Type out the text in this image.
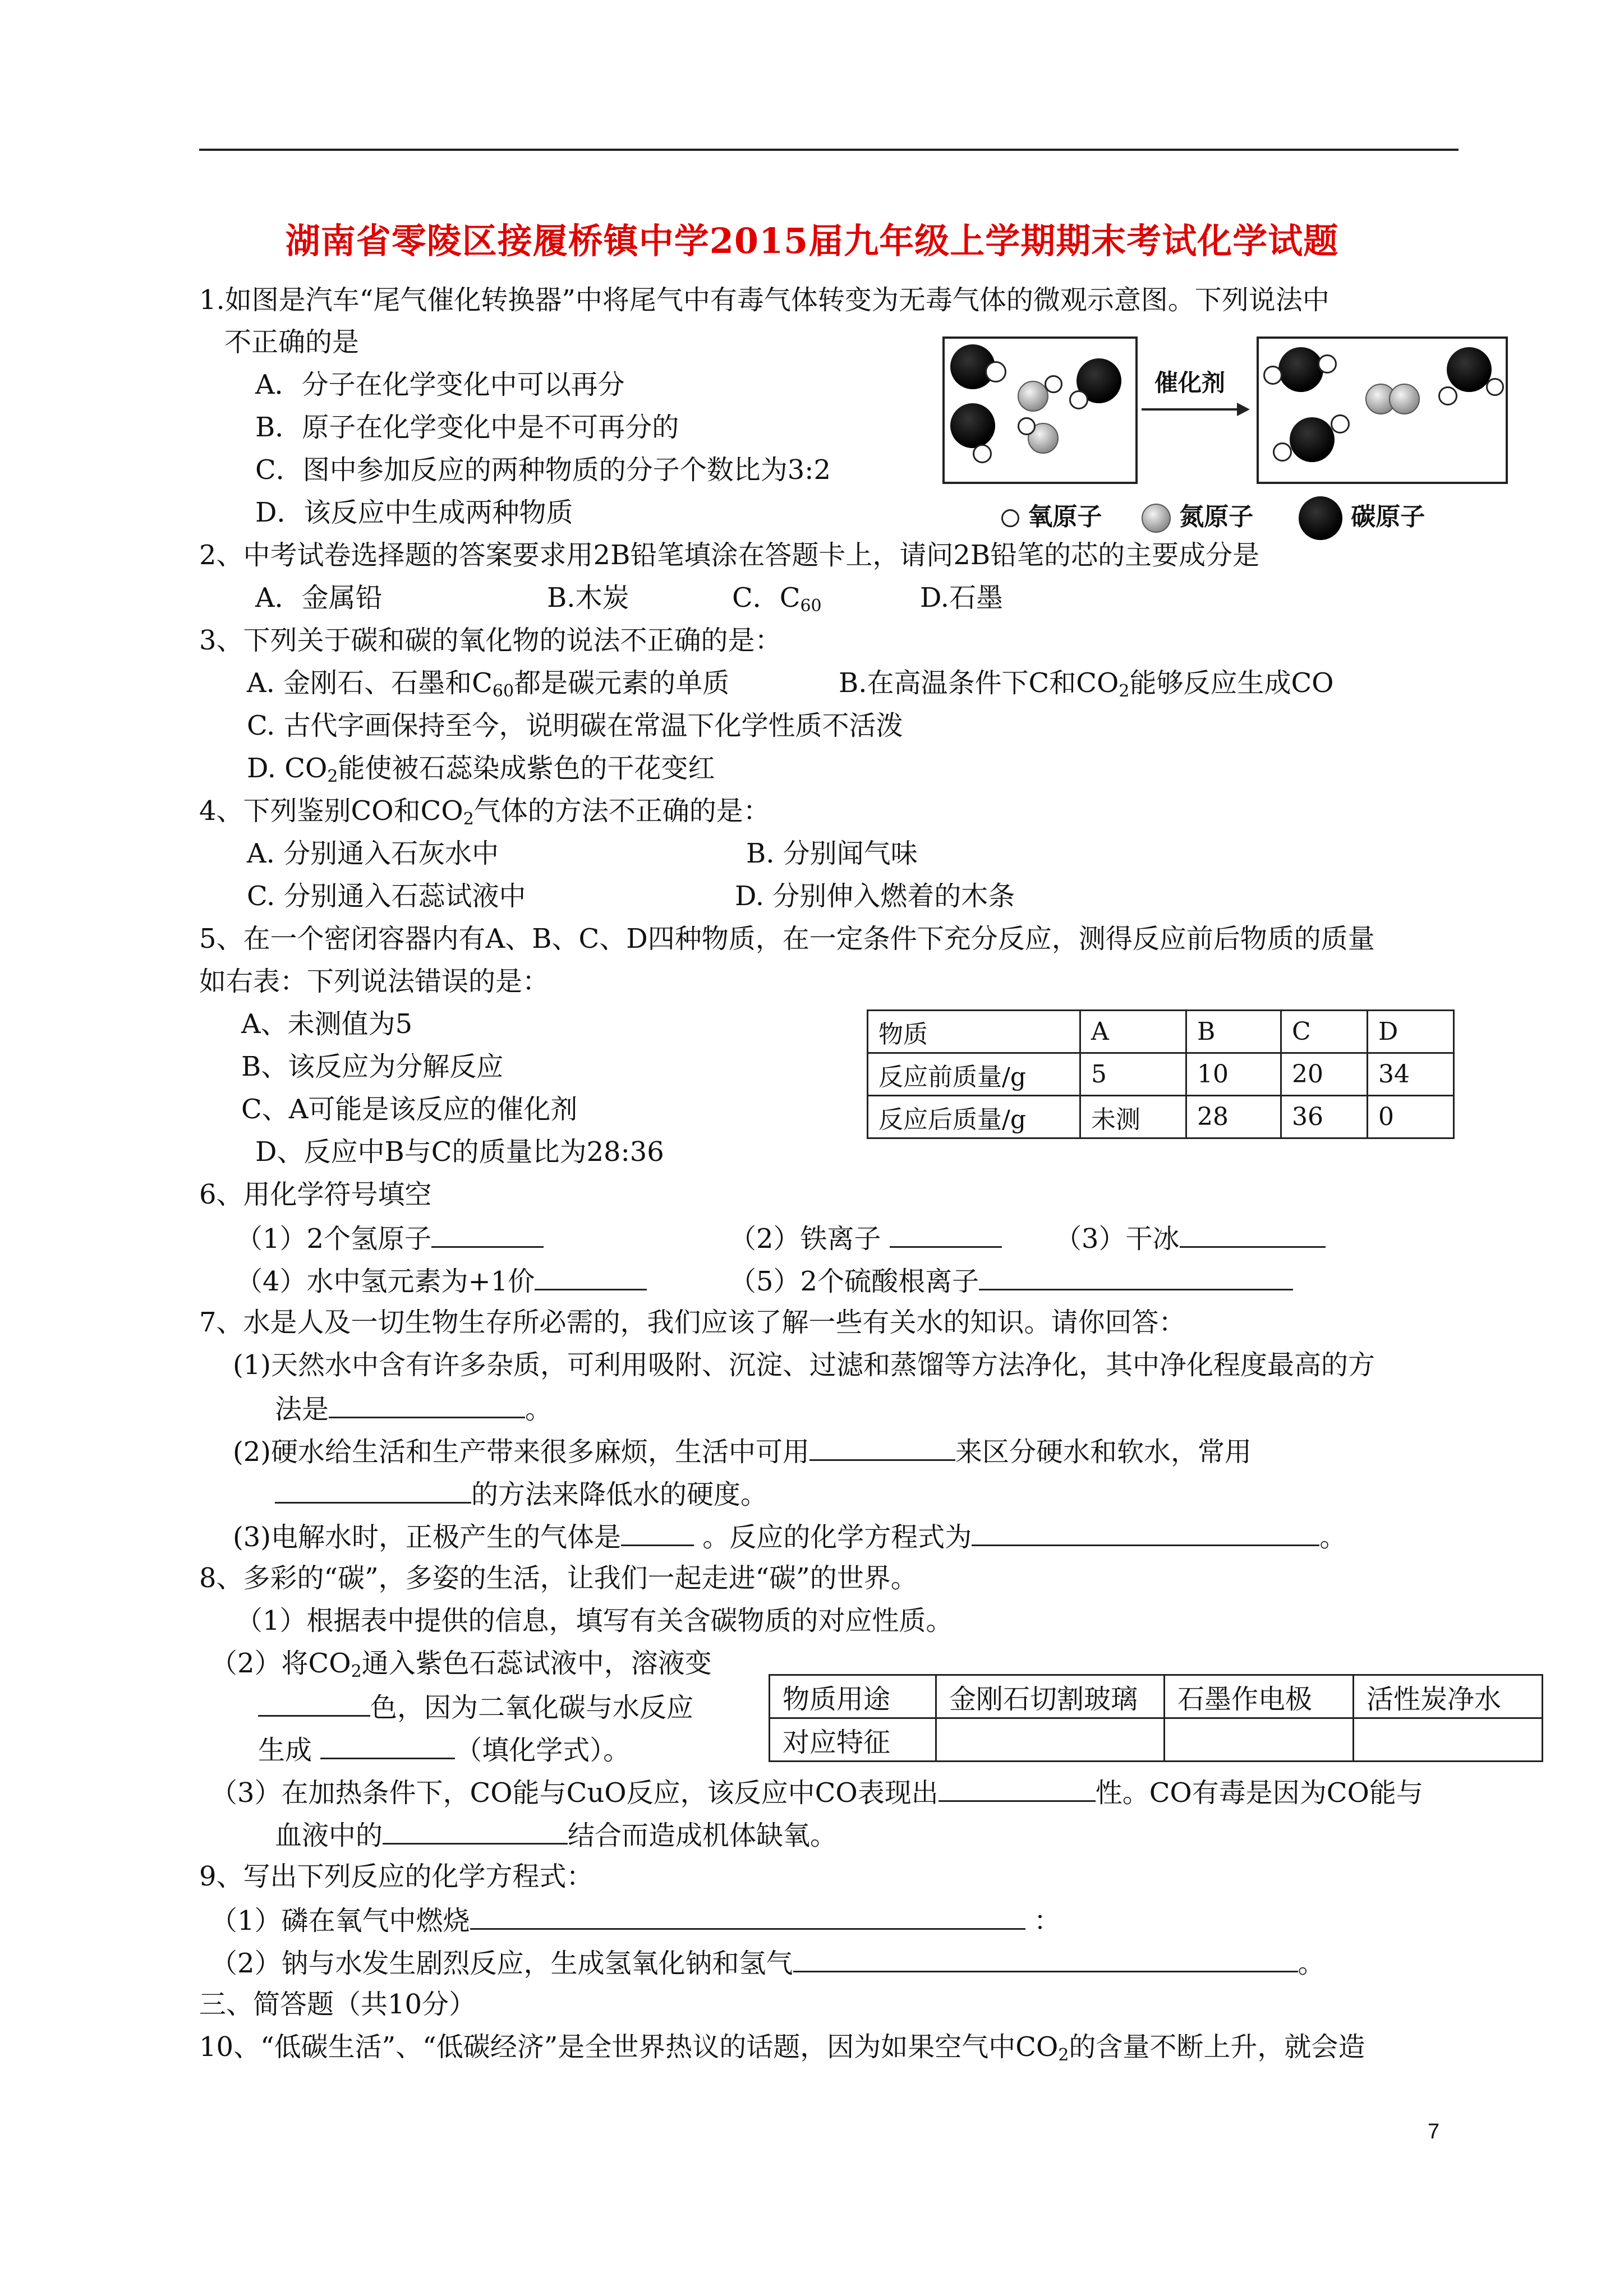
湖南省零陵区接履桥镇中学2015届九年级上学期期末考试化学试题
1.如图是汽车“尾气催化转换器”中将尾气中有毒气体转变为无毒气体的微观示意图。下列说法中
不正确的是
A．分子在化学变化中可以再分
B．原子在化学变化中是不可再分的
C．图中参加反应的两种物质的分子个数比为3:2
D．该反应中生成两种物质
催化剂
氧原子	氮原子	碳原子
2、中考试卷选择题的答案要求用2B铅笔填涂在答题卡上，请问2B铅笔的芯的主要成分是
A．金属铅	B.木炭	C．$C_{60}$	D.石墨
3、下列关于碳和碳的氧化物的说法不正确的是：
A. 金刚石、石墨和$C_{60}$都是碳元素的单质	B.在高温条件下C和$CO_2$能够反应生成CO
C. 古代字画保持至今，说明碳在常温下化学性质不活泼
D. $CO_2$能使被石蕊染成紫色的干花变红
4、下列鉴别CO和$CO_2$气体的方法不正确的是：
A. 分别通入石灰水中	B. 分别闻气味
C. 分别通入石蕊试液中	D. 分别伸入燃着的木条
5、在一个密闭容器内有A、B、C、D四种物质，在一定条件下充分反应，测得反应前后物质的质量
如右表：下列说法错误的是：
A、未测值为5
B、该反应为分解反应
C、A可能是该反应的催化剂
D、反应中B与C的质量比为28:36
物质	A	B	C	D
反应前质量/g	5	10	20	34
反应后质量/g	未测	28	36	0
6、用化学符号填空
（1）2个氢原子	（2）铁离子	（3）干冰
（4）水中氢元素为+1价	（5）2个硫酸根离子
7、水是人及一切生物生存所必需的，我们应该了解一些有关水的知识。请你回答：
(1)天然水中含有许多杂质，可利用吸附、沉淀、过滤和蒸馏等方法净化，其中净化程度最高的方
法是	。
(2)硬水给生活和生产带来很多麻烦，生活中可用	来区分硬水和软水，常用
的方法来降低水的硬度。
(3)电解水时，正极产生的气体是	。反应的化学方程式为	。
8、多彩的“碳”，多姿的生活，让我们一起走进“碳”的世界。
（1）根据表中提供的信息，填写有关含碳物质的对应性质。
（2）将$CO_2$通入紫色石蕊试液中，溶液变
色，因为二氧化碳与水反应
生成	（填化学式）。
物质用途	金刚石切割玻璃	石墨作电极	活性炭净水
对应特征			
（3）在加热条件下，CO能与CuO反应，该反应中CO表现出	性。CO有毒是因为CO能与
血液中的	结合而造成机体缺氧。
9、写出下列反应的化学方程式：
（1）磷在氧气中燃烧	：
（2）钠与水发生剧烈反应，生成氢氧化钠和氢气	。
三、简答题（共10分）
10、“低碳生活”、“低碳经济”是全世界热议的话题，因为如果空气中$CO_2$的含量不断上升，就会造
7
